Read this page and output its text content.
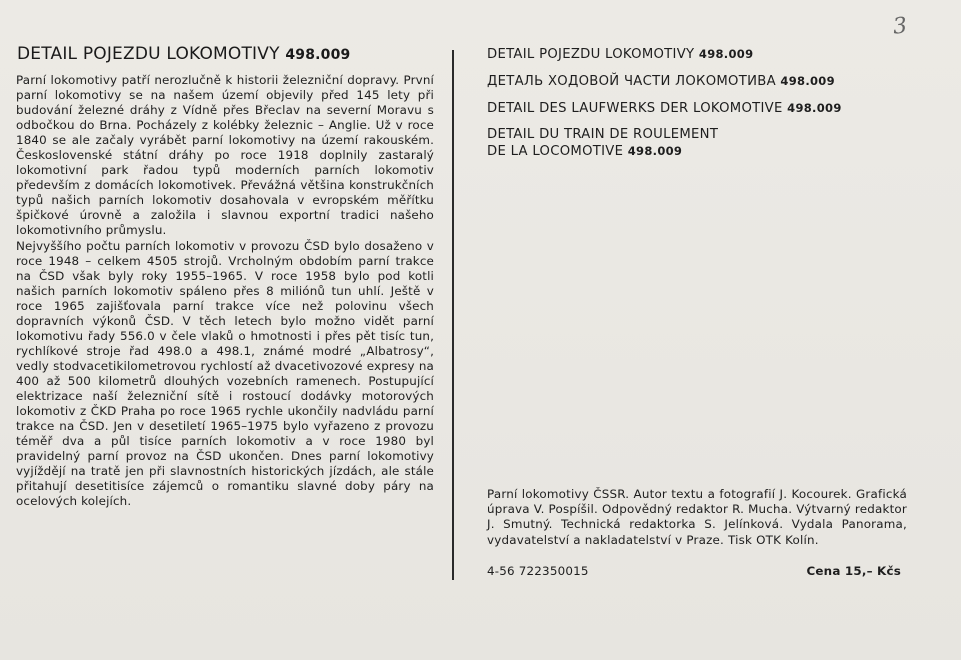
3
DETAIL POJEZDU LOKOMOTIVY 498.009

Parní lokomotivy patří nerozlučně k historii železniční dopravy. První parní lokomotivy se na našem území objevily před 145 lety při budování železné dráhy z Vídně přes Břeclav na severní Moravu s odbočkou do Brna. Pocházely z kolébky železnic – Anglie. Už v roce 1840 se ale začaly vyrábět parní lokomotivy na území rakouském. Československé státní dráhy po roce 1918 doplnily zastaralý lokomotivní park řadou typů moderních parních lokomotiv především z domácích lokomotivek. Převážná většina konstrukčních typů našich parních lokomotiv dosahovala v evropském měřítku špičkové úrovně a založila i slavnou exportní tradici našeho lokomotivního průmyslu.

Nejvyššího počtu parních lokomotiv v provozu ČSD bylo dosaženo v roce 1948 – celkem 4505 strojů. Vrcholným obdobím parní trakce na ČSD však byly roky 1955–1965. V roce 1958 bylo pod kotli našich parních lokomotiv spáleno přes 8 miliónů tun uhlí. Ještě v roce 1965 zajišťovala parní trakce více než polovinu všech dopravních výkonů ČSD. V těch letech bylo možno vidět parní lokomotivu řady 556.0 v čele vlaků o hmotnosti i přes pět tisíc tun, rychlíkové stroje řad 498.0 a 498.1, známé modré „Albatrosy“, vedly stodvacetikilometrovou rychlostí až dvacetivozové expresy na 400 až 500 kilometrů dlouhých vozebních ramenech. Postupující elektrizace naší železniční sítě i rostoucí dodávky motorových lokomotiv z ČKD Praha po roce 1965 rychle ukončily nadvládu parní trakce na ČSD. Jen v desetiletí 1965–1975 bylo vyřazeno z provozu téměř dva a půl tisíce parních lokomotiv a v roce 1980 byl pravidelný parní provoz na ČSD ukončen. Dnes parní lokomotivy vyjíždějí na tratě jen při slavnostních historických jízdách, ale stále přitahují desetitisíce zájemců o romantiku slavné doby páry na ocelových kolejích.

DETAIL POJEZDU LOKOMOTIVY 498.009

ДЕТАЛЬ ХОДОВОЙ ЧАСТИ ЛОКОМОТИВА 498.009

DETAIL DES LAUFWERKS DER LOKOMOTIVE 498.009

DETAIL DU TRAIN DE ROULEMENT
DE LA LOCOMOTIVE 498.009

Parní lokomotivy ČSSR. Autor textu a fotografií J. Kocourek. Grafická úprava V. Pospíšil. Odpovědný redaktor R. Mucha. Výtvarný redaktor J. Smutný. Technická redaktorka S. Jelínková. Vydala Panorama, vydavatelství a nakladatelství v Praze. Tisk OTK Kolín.

4-56 722350015	Cena 15,– Kčs
